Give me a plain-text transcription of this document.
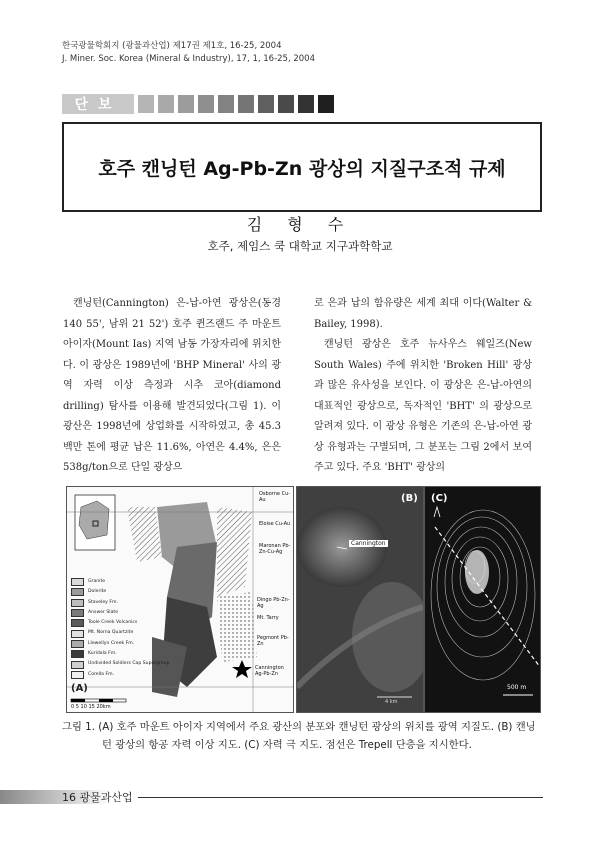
한국광물학회지 (광물과산업) 제17권 제1호, 16-25, 2004
J. Miner. Soc. Korea (Mineral & Industry), 17, 1, 16-25, 2004
단보
호주 캔닝턴 Ag-Pb-Zn 광상의 지질구조적 규제
김 형 수
호주, 제임스 쿡 대학교 지구과학학교

캔닝턴(Cannington) 은-납-아연 광상은(동경 140 55', 남위 21 52') 호주 퀸즈랜드 주 마운트 아이자(Mount Ias) 지역 남동 가장자리에 위치한다. 이 광상은 1989년에 'BHP Mineral' 사의 광역 자력 이상 측정과 시추 코아(diamond drilling) 탐사를 이용해 발견되었다(그림 1). 이 광산은 1998년에 상업화를 시작하였고, 총 45.3백만 톤에 평균 납은 11.6%, 아연은 4.4%, 은은 538g/ton으로 단일 광상으

로 은과 납의 함유량은 세계 최대 이다(Walter & Bailey, 1998).

캔닝턴 광상은 호주 뉴사우스 웨일즈(New South Wales) 주에 위치한 'Broken Hill' 광상과 많은 유사성을 보인다. 이 광상은 은-납-아연의 대표적인 광상으로, 독자적인 'BHT' 의 광상으로 알려져 있다. 이 광상 유형은 기존의 은-납-아연 광상 유형과는 구별되며, 그 분포는 그림 2에서 보여주고 있다. 주요 'BHT' 광상의

Granite
Dolerite
Staveley Fm.
Answer Slate
Toole Creek Volcanics
Mt. Norna Quartzite
Llewellyn Creek Fm.
Kuridala Fm.
Undivided Soldiers Cap Supergroup
Corella Fm.
Osborne Cu-Au
Eloise Cu-Au
Maronan Pb-Zn-Cu-Ag
Cannington Ag-Pb-Zn
Dingo Pb-Zn-Ag
Mt. Tarry
Pegmont Pb-Zn
0 5 10 15 20km
(A)
Cannington
(B)
4 km
(C)
500 m
그림 1. (A) 호주 마운트 아이자 지역에서 주요 광산의 분포와 캔닝턴 광상의 위치를 광역 지질도. (B) 캔닝
턴 광상의 항공 자력 이상 지도. (C) 자력 극 지도. 점선은 Trepell 단층을 지시한다.
16 광물과산업
